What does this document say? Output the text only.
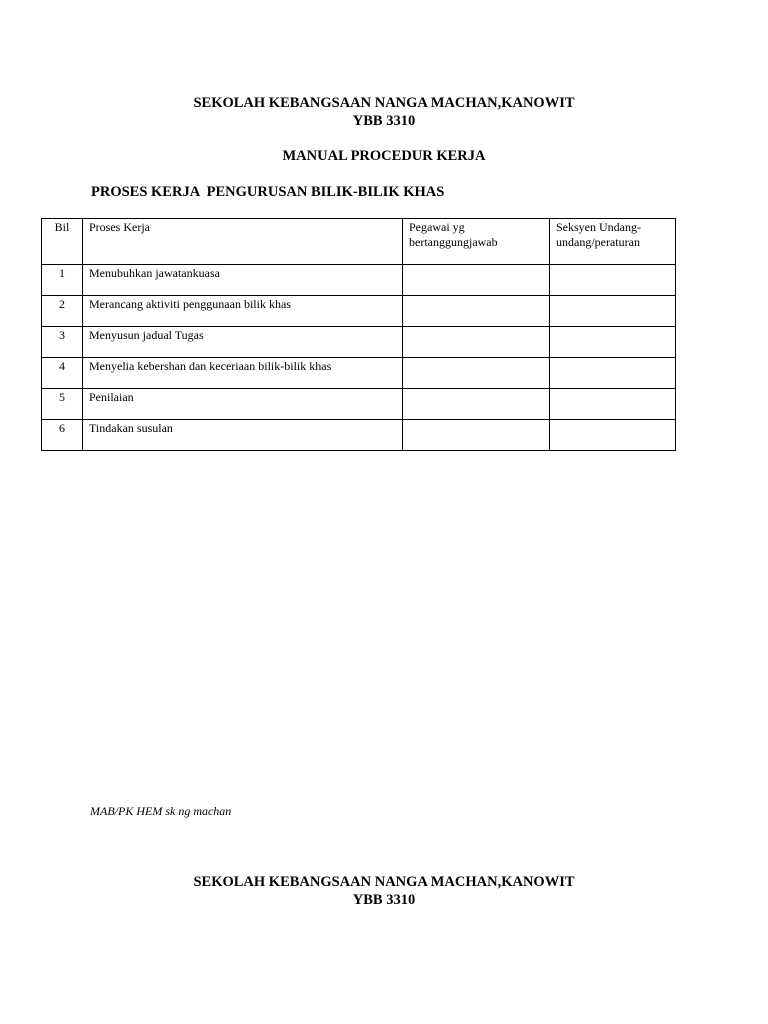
SEKOLAH KEBANGSAAN NANGA MACHAN,KANOWIT
YBB 3310
MANUAL PROCEDUR KERJA
PROSES KERJA  PENGURUSAN BILIK-BILIK KHAS
Bil	Proses Kerja	Pegawai yg bertanggungjawab	Seksyen Undang-undang/peraturan
1	Menubuhkan jawatankuasa		
2	Merancang aktiviti penggunaan bilik khas		
3	Menyusun jadual Tugas		
4	Menyelia kebershan dan keceriaan bilik-bilik khas		
5	Penilaian		
6	Tindakan susulan		
MAB/PK HEM sk ng machan
SEKOLAH KEBANGSAAN NANGA MACHAN,KANOWIT
YBB 3310
